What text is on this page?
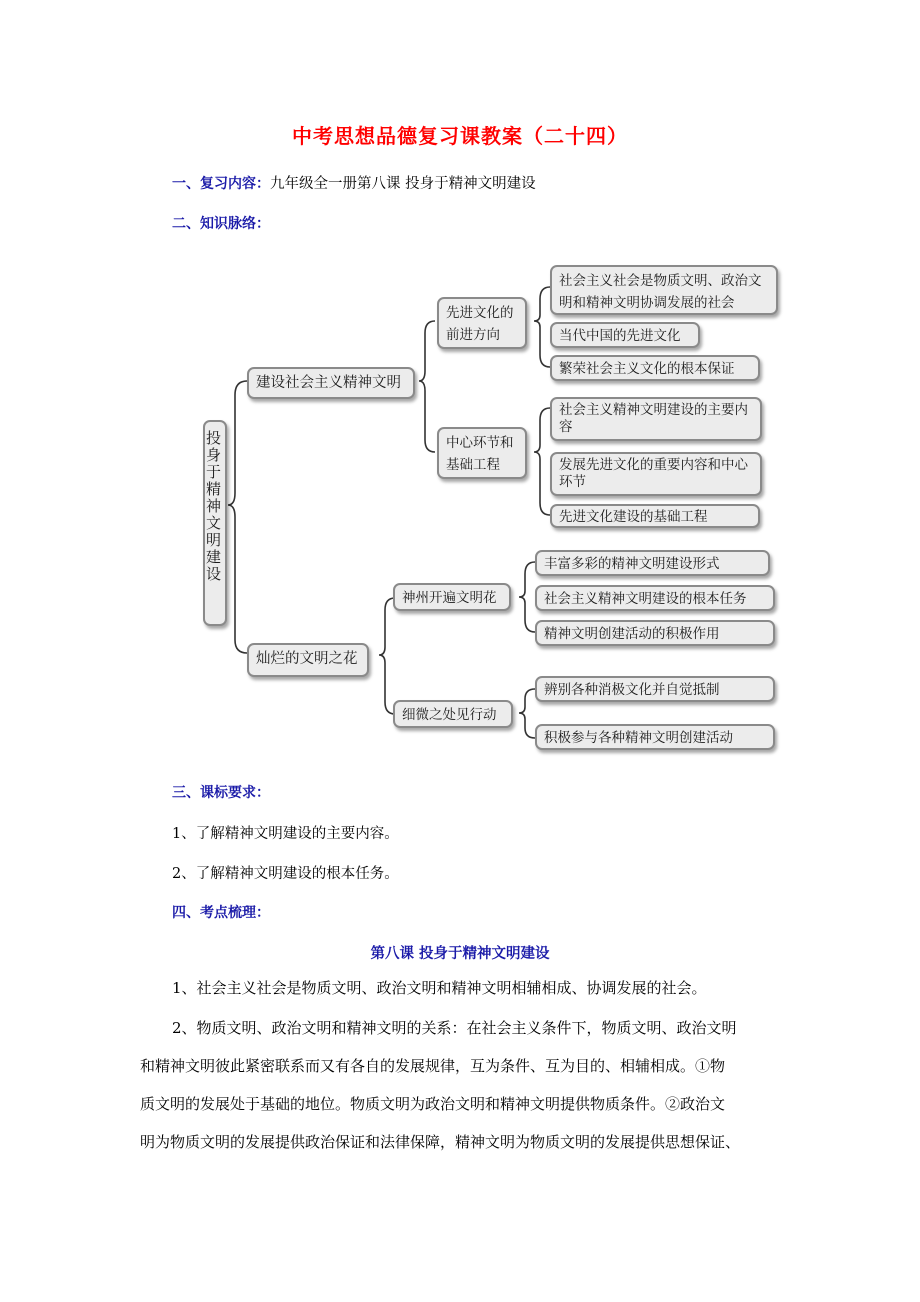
中考思想品德复习课教案（二十四）
一、复习内容：九年级全一册第八课 投身于精神文明建设
二、知识脉络：
投身于精神文明建设
建设社会主义精神文明
先进文化的前进方向
社会主义社会是物质文明、政治文明和精神文明协调发展的社会
当代中国的先进文化
繁荣社会主义文化的根本保证
中心环节和基础工程
社会主义精神文明建设的主要内容
发展先进文化的重要内容和中心环节
先进文化建设的基础工程
灿烂的文明之花
神州开遍文明花
丰富多彩的精神文明建设形式
社会主义精神文明建设的根本任务
精神文明创建活动的积极作用
细微之处见行动
辨别各种消极文化并自觉抵制
积极参与各种精神文明创建活动
三、课标要求：
1、了解精神文明建设的主要内容。
2、了解精神文明建设的根本任务。
四、考点梳理：
第八课 投身于精神文明建设
1、社会主义社会是物质文明、政治文明和精神文明相辅相成、协调发展的社会。
2、物质文明、政治文明和精神文明的关系：在社会主义条件下，物质文明、政治文明
和精神文明彼此紧密联系而又有各自的发展规律，互为条件、互为目的、相辅相成。①物
质文明的发展处于基础的地位。物质文明为政治文明和精神文明提供物质条件。②政治文
明为物质文明的发展提供政治保证和法律保障，精神文明为物质文明的发展提供思想保证、
